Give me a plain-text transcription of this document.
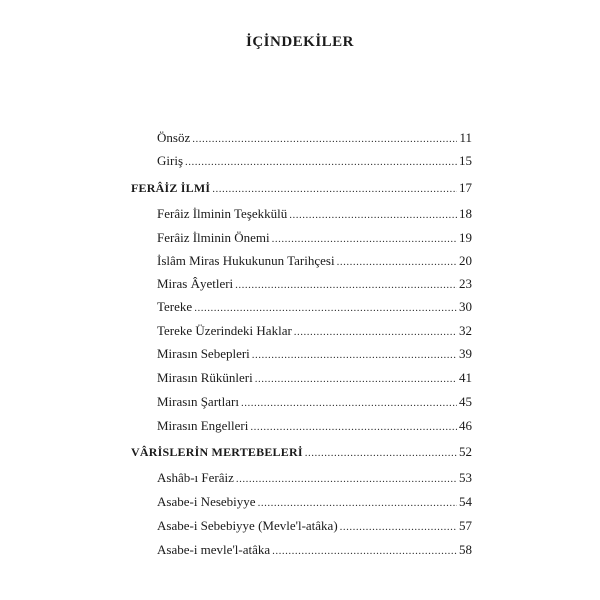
İÇİNDEKİLER
Önsöz .....	11
Giriş .....	15
FERÂİZ İLMİ .....	17
Ferâiz İlminin Teşekkülü .....	18
Ferâiz İlminin Önemi .....	19
İslâm Miras Hukukunun Tarihçesi .....	20
Miras Âyetleri .....	23
Tereke .....	30
Tereke Üzerindeki Haklar .....	32
Mirasın Sebepleri .....	39
Mirasın Rükünleri .....	41
Mirasın Şartları .....	45
Mirasın Engelleri .....	46
VÂRİSLERİN MERTEBELERİ .....	52
Ashâb-ı Ferâiz .....	53
Asabe-i Nesebiyye .....	54
Asabe-i Sebebiyye (Mevle'l-atâka) .....	57
Asabe-i mevle'l-atâka .....	58
